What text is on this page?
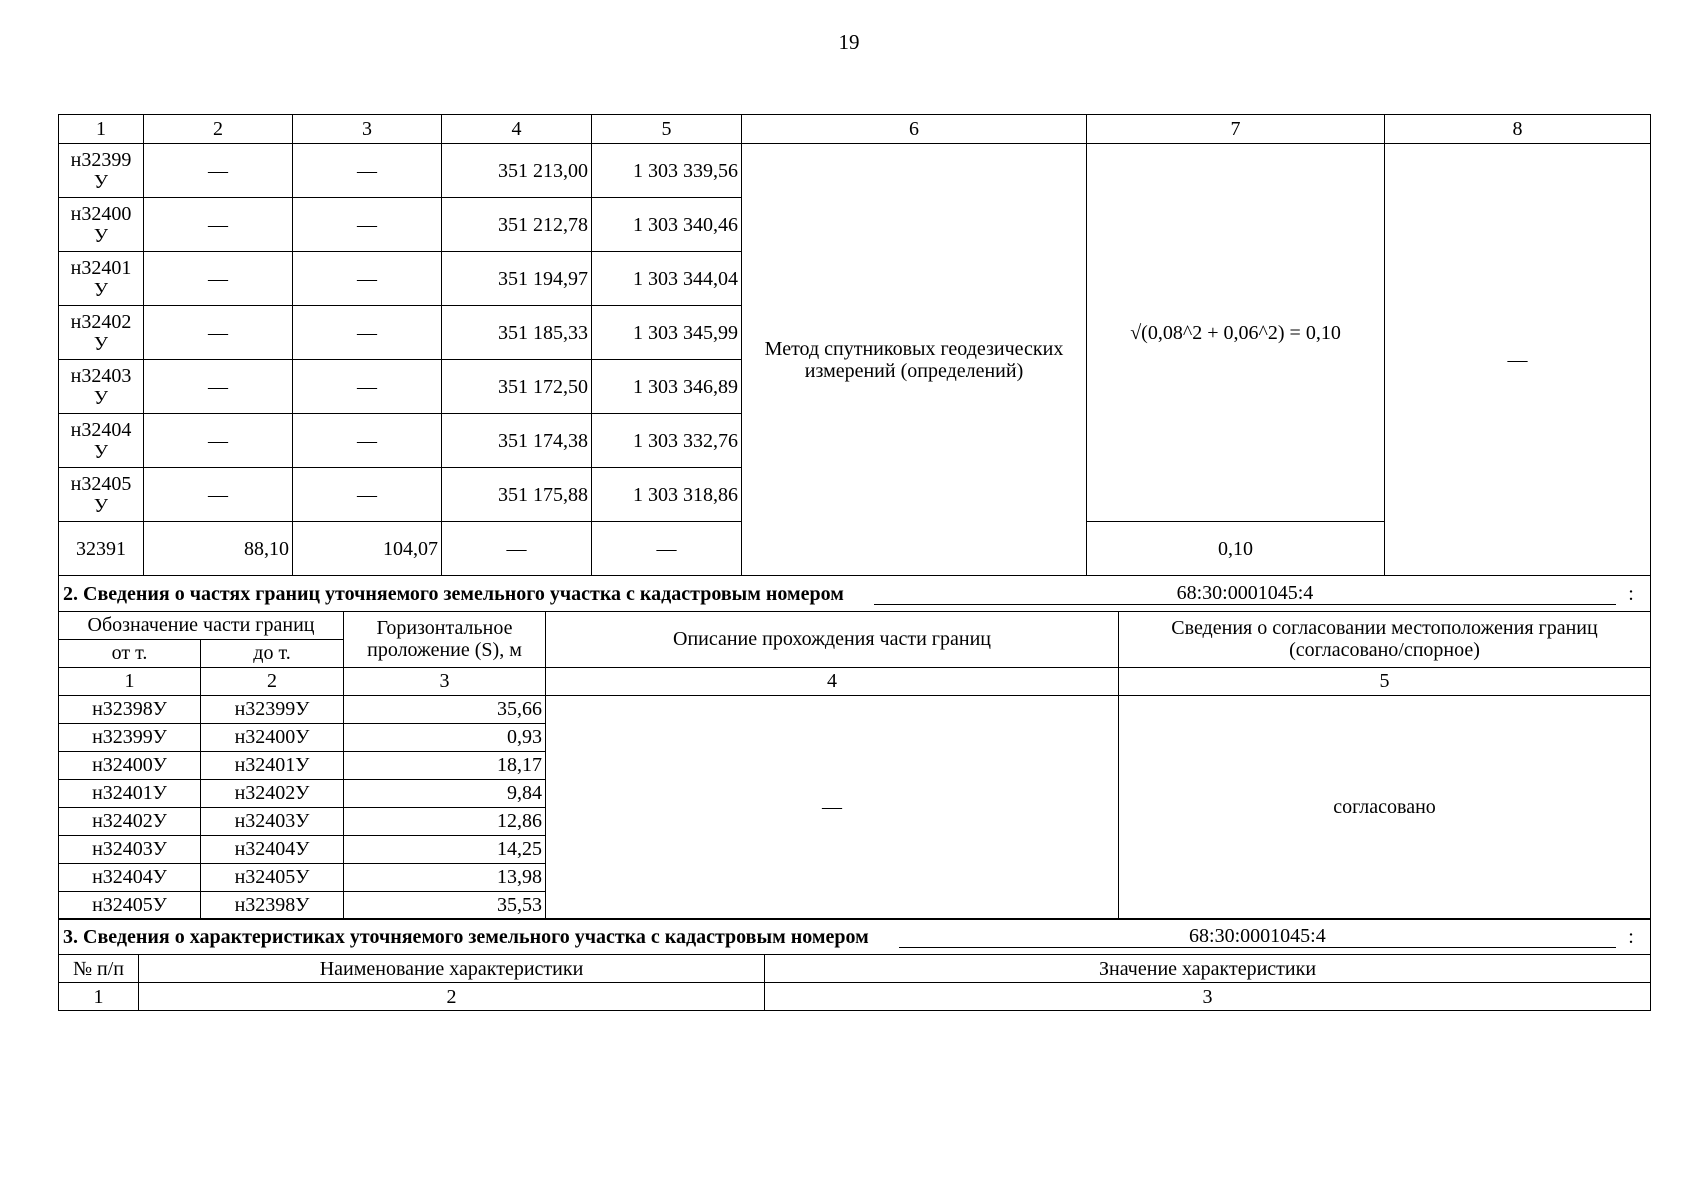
19
1	2	3	4	5	6	7	8
н32399 У	—	—	351 213,00	1 303 339,56	Метод спутниковых геодезических измерений (определений)	√(0,08^2 + 0,06^2) = 0,10	—
н32400 У	—	—	351 212,78	1 303 340,46			
н32401 У	—	—	351 194,97	1 303 344,04			
н32402 У	—	—	351 185,33	1 303 345,99			
н32403 У	—	—	351 172,50	1 303 346,89			
н32404 У	—	—	351 174,38	1 303 332,76			
н32405 У	—	—	351 175,88	1 303 318,86			
32391	88,10	104,07	—	—		0,10	

2. Сведения о частях границ уточняемого земельного участка с кадастровым номером 68:30:0001045:4 :							
Обозначение части границ		Горизонтальное проложение (S), м	Описание прохождения части границ	Сведения о согласовании местоположения границ (согласовано/спорное)
от т.	до т.			
1	2	3	4	5
н32398У	н32399У	35,66	—	согласовано
н32399У	н32400У	0,93		
н32400У	н32401У	18,17		
н32401У	н32402У	9,84		
н32402У	н32403У	12,86		
н32403У	н32404У	14,25		
н32404У	н32405У	13,98		
н32405У	н32398У	35,53		
3. Сведения о характеристиках уточняемого земельного участка с кадастровым номером 68:30:0001045:4 :		

№ п/п	Наименование характеристики	Значение характеристики
1	2	3
